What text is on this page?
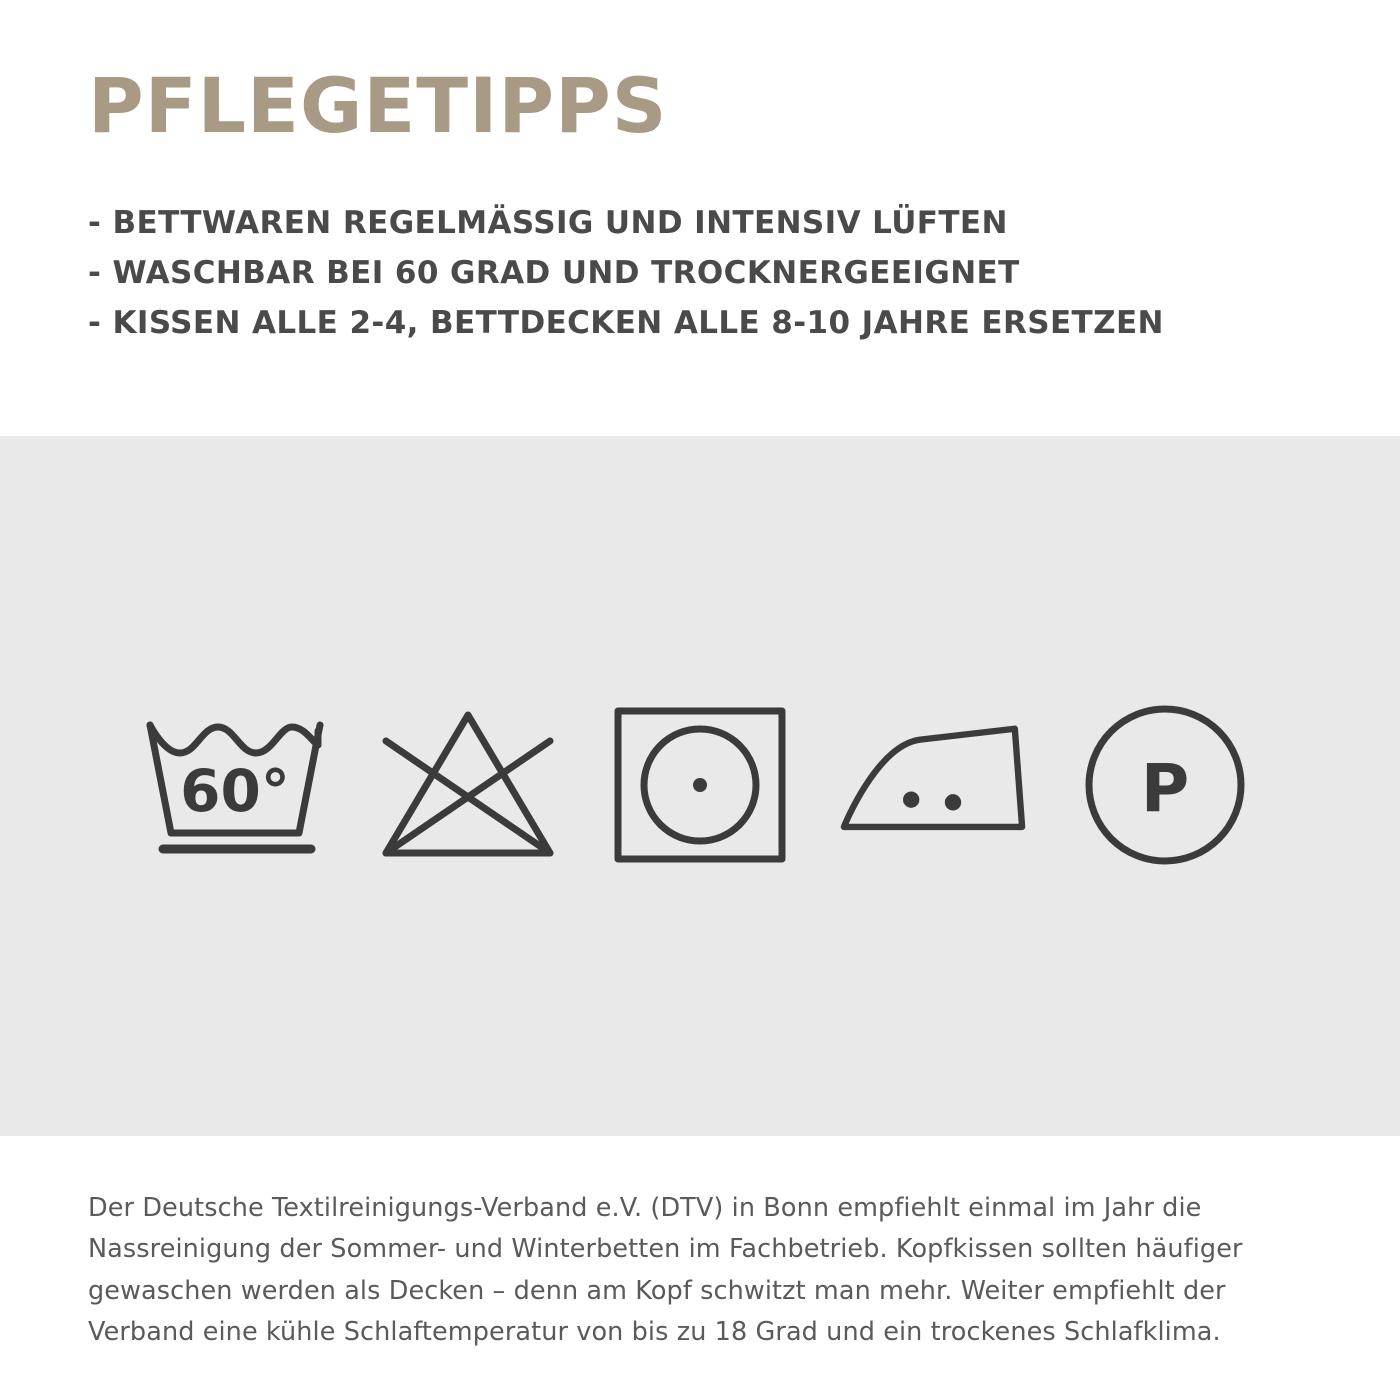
PFLEGETIPPS
- BETTWAREN REGELMÄSSIG UND INTENSIV LÜFTEN
- WASCHBAR BEI 60 GRAD UND TROCKNERGEEIGNET
- KISSEN ALLE 2-4, BETTDECKEN ALLE 8-10 JAHRE ERSETZEN
60°	P

Der Deutsche Textilreinigungs-Verband e.V. (DTV) in Bonn empfiehlt einmal im Jahr die Nassreinigung der Sommer- und Winterbetten im Fachbetrieb. Kopfkissen sollten häufiger gewaschen werden als Decken – denn am Kopf schwitzt man mehr. Weiter empfiehlt der Verband eine kühle Schlaftemperatur von bis zu 18 Grad und ein trockenes Schlafklima.
